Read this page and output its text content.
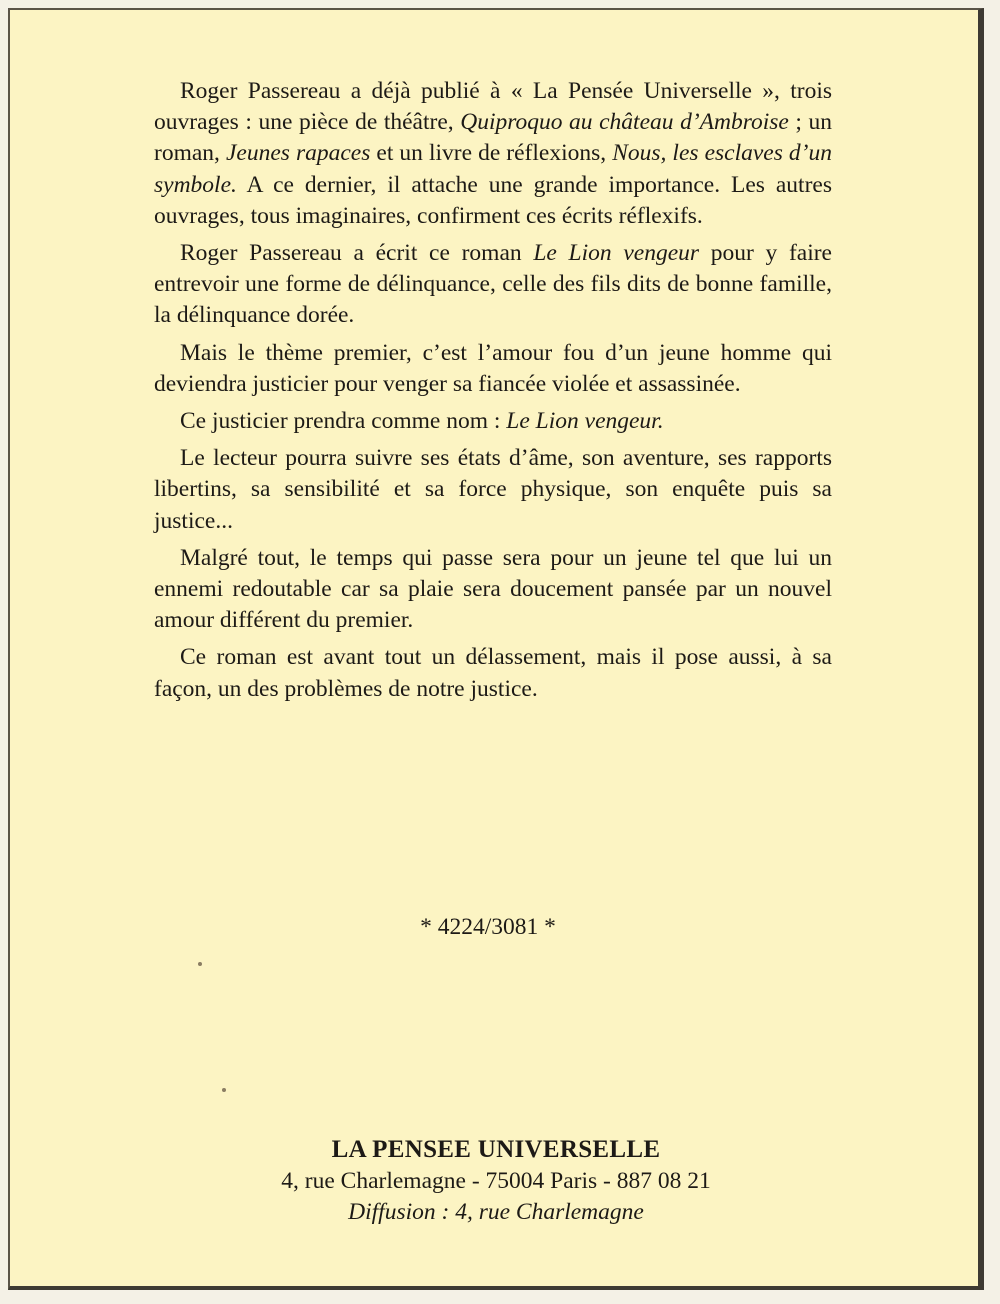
Roger Passereau a déjà publié à « La Pensée Universelle », trois ouvrages : une pièce de théâtre, Quiproquo au château d’Ambroise ; un roman, Jeunes rapaces et un livre de réflexions, Nous, les esclaves d’un symbole. A ce dernier, il attache une grande importance. Les autres ouvrages, tous imaginaires, confirment ces écrits réflexifs.

Roger Passereau a écrit ce roman Le Lion vengeur pour y faire entrevoir une forme de délinquance, celle des fils dits de bonne famille, la délinquance dorée.

Mais le thème premier, c’est l’amour fou d’un jeune homme qui deviendra justicier pour venger sa fiancée violée et assassinée.

Ce justicier prendra comme nom : Le Lion vengeur.

Le lecteur pourra suivre ses états d’âme, son aventure, ses rapports libertins, sa sensibilité et sa force physique, son enquête puis sa justice...

Malgré tout, le temps qui passe sera pour un jeune tel que lui un ennemi redoutable car sa plaie sera doucement pansée par un nouvel amour différent du premier.

Ce roman est avant tout un délassement, mais il pose aussi, à sa façon, un des problèmes de notre justice.

* 4224/3081 *
LA PENSEE UNIVERSELLE
4, rue Charlemagne - 75004 Paris - 887 08 21
Diffusion : 4, rue Charlemagne
